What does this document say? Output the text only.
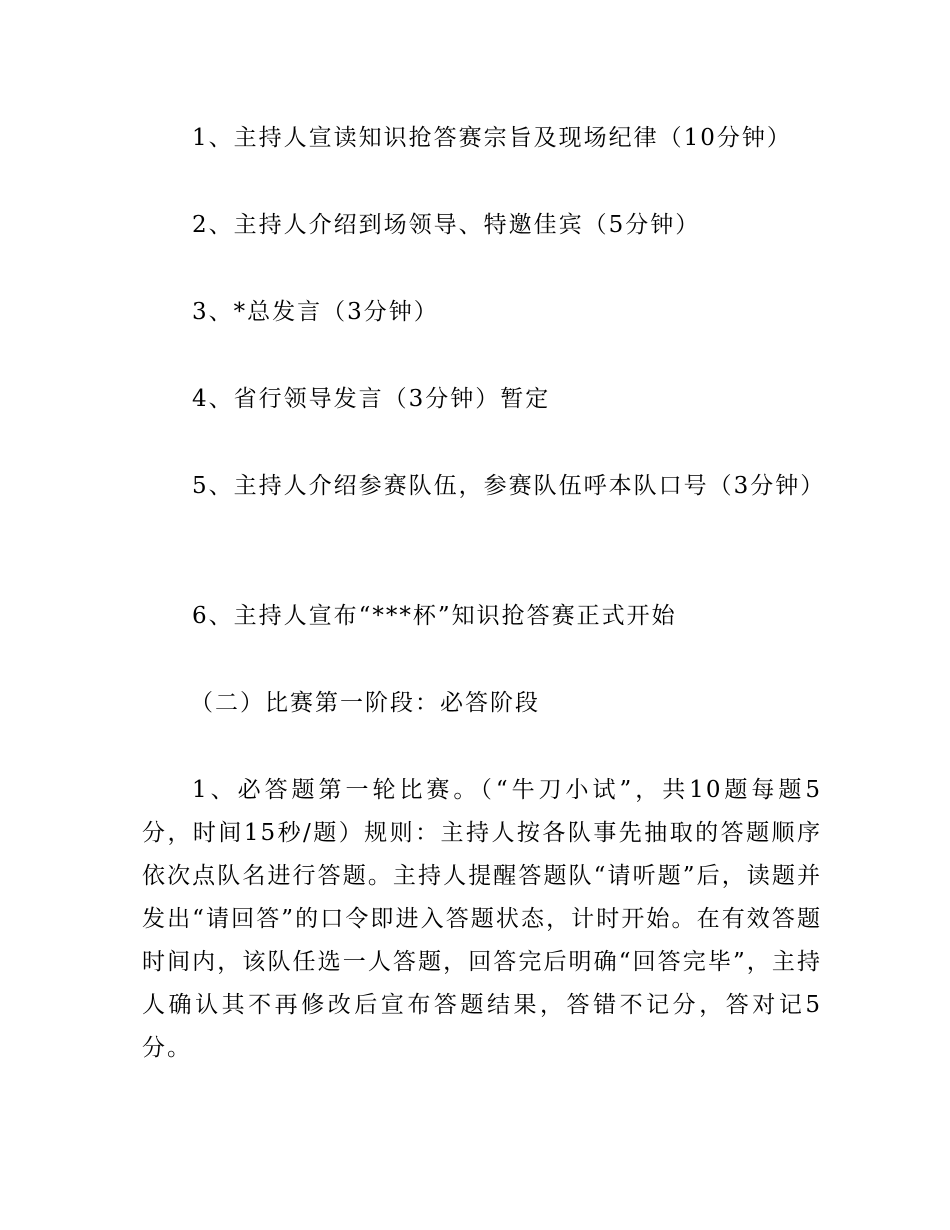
1、主持人宣读知识抢答赛宗旨及现场纪律（10分钟）

2、主持人介绍到场领导、特邀佳宾（5分钟）

3、*总发言（3分钟）

4、省行领导发言（3分钟）暂定

5、主持人介绍参赛队伍，参赛队伍呼本队口号（3分钟）

6、主持人宣布“***杯”知识抢答赛正式开始

（二）比赛第一阶段：必答阶段

1、必答题第一轮比赛。（“牛刀小试”，共10题每题5分，时间15秒/题）规则：主持人按各队事先抽取的答题顺序依次点队名进行答题。主持人提醒答题队“请听题”后，读题并发出“请回答”的口令即进入答题状态，计时开始。在有效答题时间内，该队任选一人答题，回答完后明确“回答完毕”，主持人确认其不再修改后宣布答题结果，答错不记分，答对记5分。
